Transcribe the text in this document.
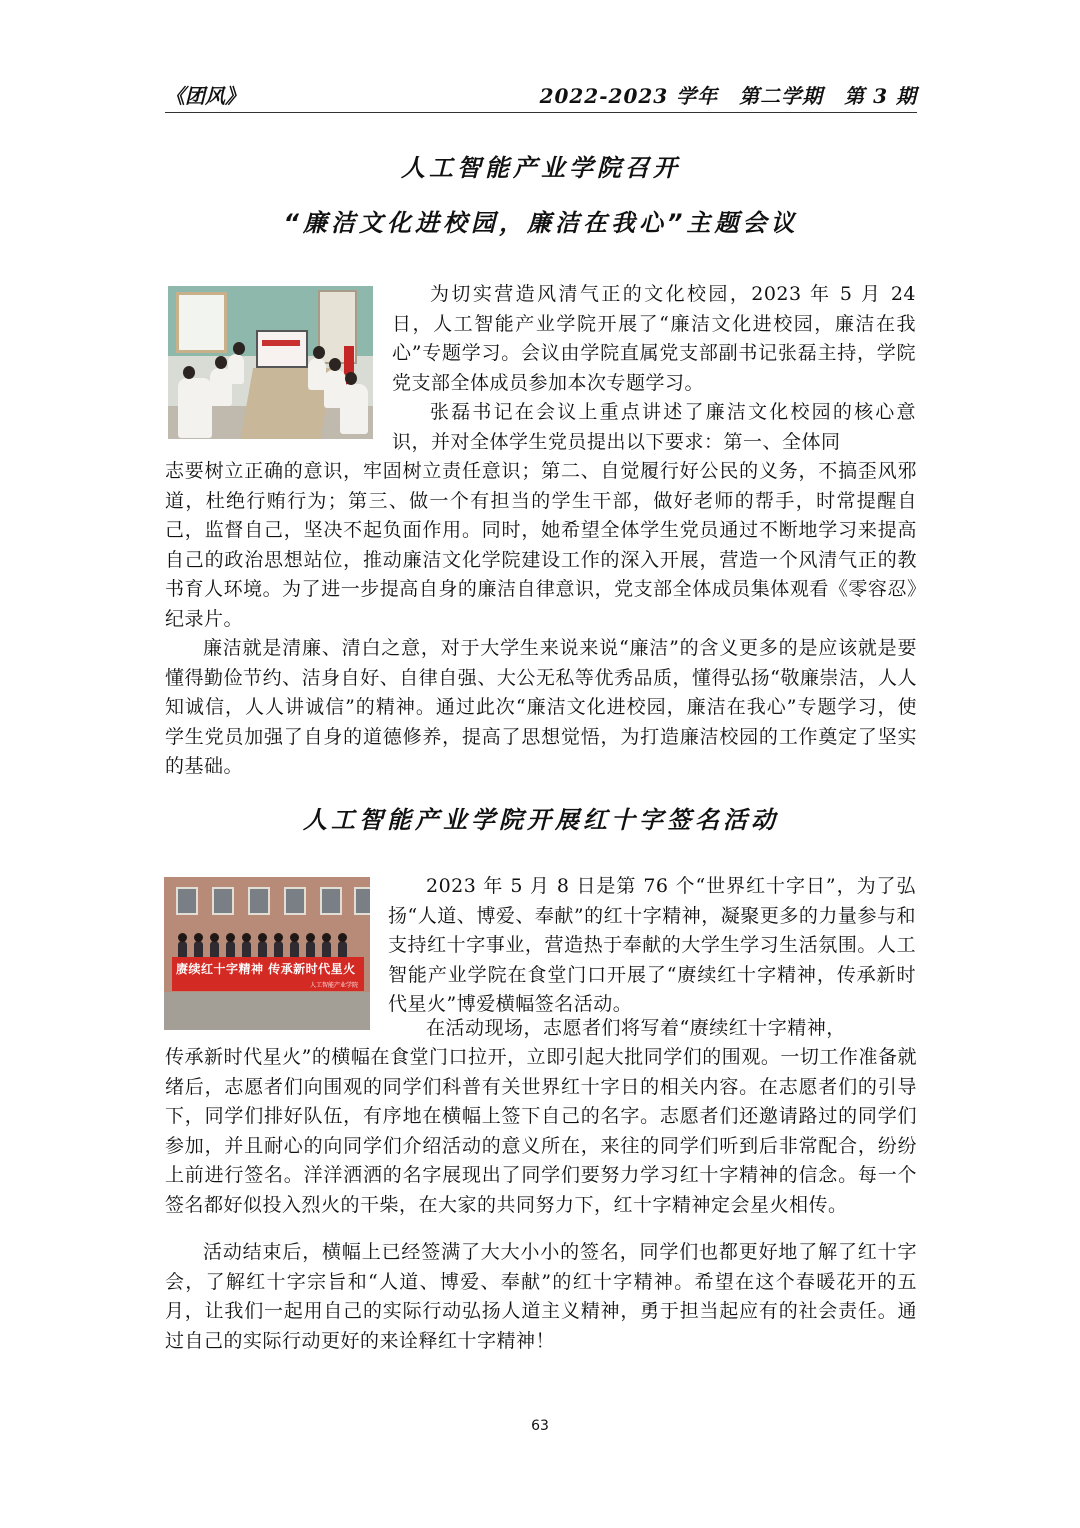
《团风》	2022-2023 学年　第二学期　第 3 期
人工智能产业学院召开
“廉洁文化进校园，廉洁在我心”主题会议

为切实营造风清气正的文化校园，2023 年 5 月 24 日，人工智能产业学院开展了“廉洁文化进校园，廉洁在我心”专题学习。会议由学院直属党支部副书记张磊主持，学院党支部全体成员参加本次专题学习。

张磊书记在会议上重点讲述了廉洁文化校园的核心意识，并对全体学生党员提出以下要求：第一、全体同

志要树立正确的意识，牢固树立责任意识；第二、自觉履行好公民的义务，不搞歪风邪道，杜绝行贿行为；第三、做一个有担当的学生干部，做好老师的帮手，时常提醒自己，监督自己，坚决不起负面作用。同时，她希望全体学生党员通过不断地学习来提高自己的政治思想站位，推动廉洁文化学院建设工作的深入开展，营造一个风清气正的教书育人环境。为了进一步提高自身的廉洁自律意识，党支部全体成员集体观看《零容忍》纪录片。

廉洁就是清廉、清白之意，对于大学生来说来说“廉洁”的含义更多的是应该就是要懂得勤俭节约、洁身自好、自律自强、大公无私等优秀品质，懂得弘扬“敬廉崇洁，人人知诚信，人人讲诚信”的精神。通过此次“廉洁文化进校园，廉洁在我心”专题学习，使学生党员加强了自身的道德修养，提高了思想觉悟，为打造廉洁校园的工作奠定了坚实的基础。

人工智能产业学院开展红十字签名活动
赓续红十字精神 传承新时代星火
人工智能产业学院

2023 年 5 月 8 日是第 76 个“世界红十字日”，为了弘扬“人道、博爱、奉献”的红十字精神，凝聚更多的力量参与和支持红十字事业，营造热于奉献的大学生学习生活氛围。人工智能产业学院在食堂门口开展了“赓续红十字精神，传承新时代星火”博爱横幅签名活动。

在活动现场，志愿者们将写着“赓续红十字精神，

传承新时代星火”的横幅在食堂门口拉开，立即引起大批同学们的围观。一切工作准备就绪后，志愿者们向围观的同学们科普有关世界红十字日的相关内容。在志愿者们的引导下，同学们排好队伍，有序地在横幅上签下自己的名字。志愿者们还邀请路过的同学们参加，并且耐心的向同学们介绍活动的意义所在，来往的同学们听到后非常配合，纷纷上前进行签名。洋洋洒洒的名字展现出了同学们要努力学习红十字精神的信念。每一个签名都好似投入烈火的干柴，在大家的共同努力下，红十字精神定会星火相传。

活动结束后，横幅上已经签满了大大小小的签名，同学们也都更好地了解了红十字会，了解红十字宗旨和“人道、博爱、奉献”的红十字精神。希望在这个春暖花开的五月，让我们一起用自己的实际行动弘扬人道主义精神，勇于担当起应有的社会责任。通过自己的实际行动更好的来诠释红十字精神！

63
